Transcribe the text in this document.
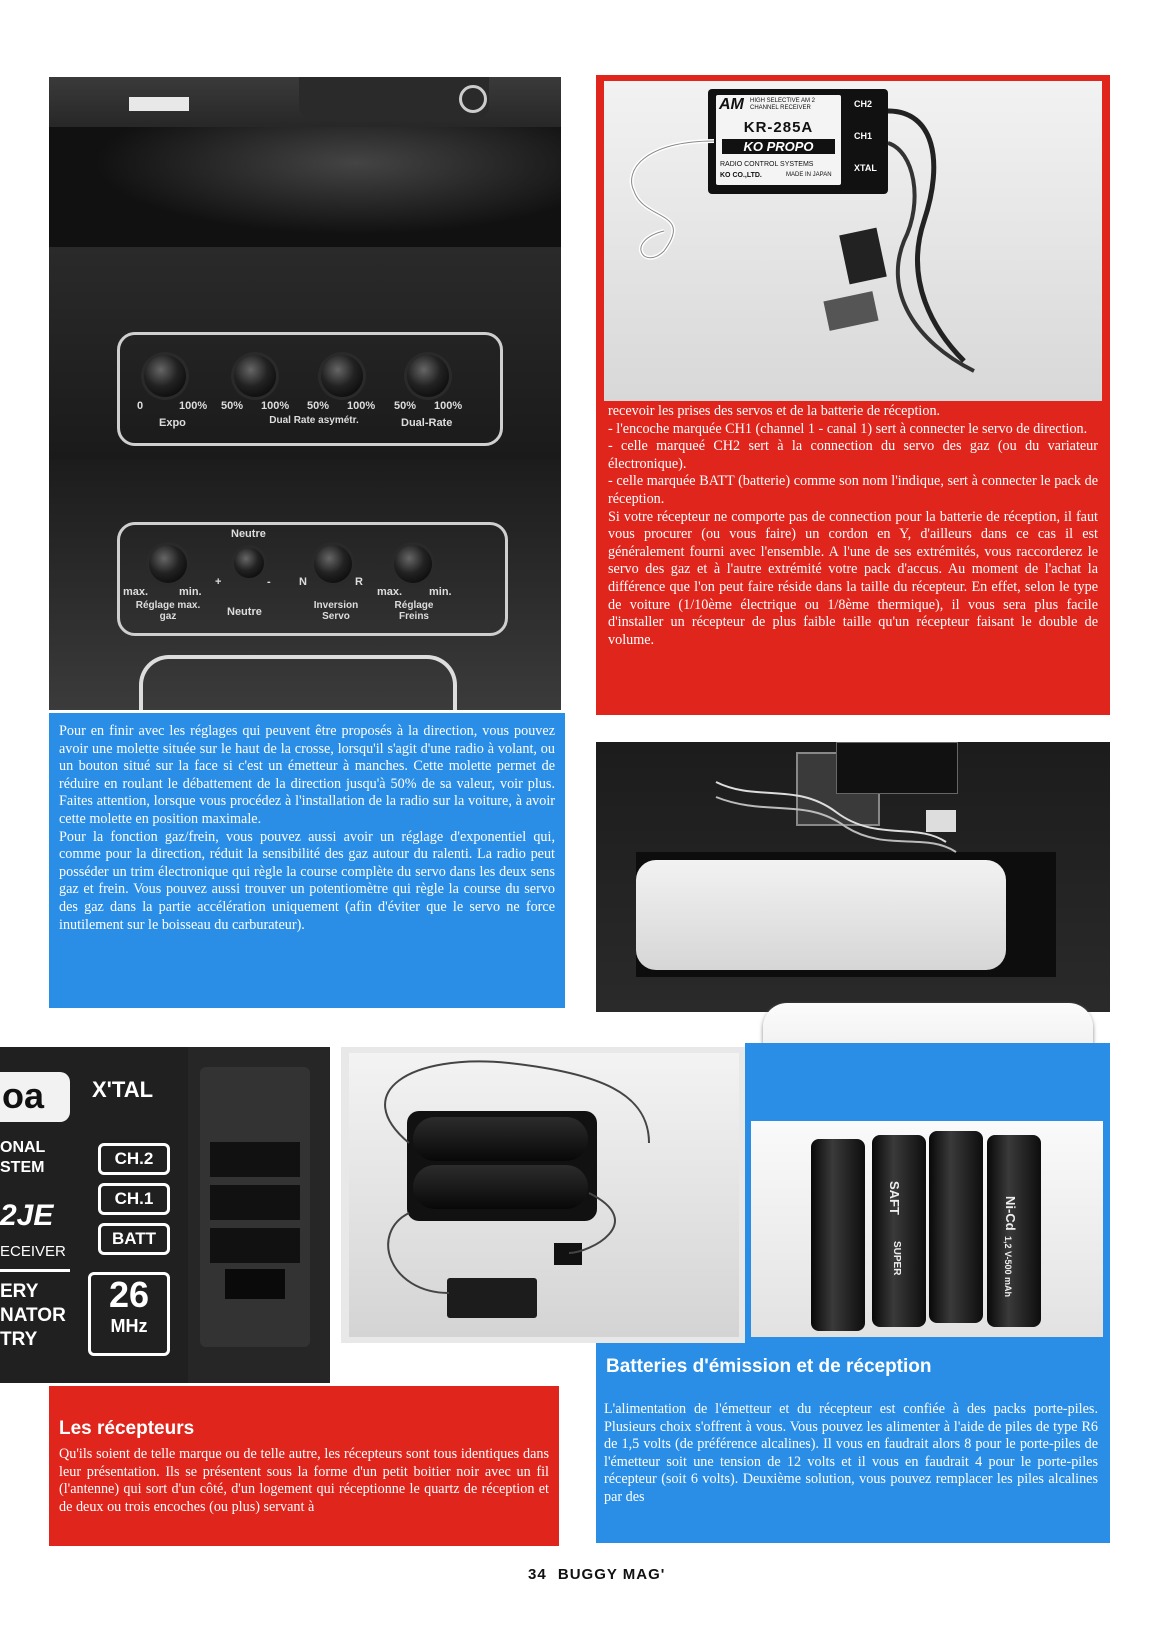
0	100% 50% 100% 50% 100% 50% 100%
Expo	Dual Rate asymétr.	Dual-Rate
Neutre
max.	min.
+	-	N	R
max. min.
Réglage max. gaz	Neutre
Inversion Servo
Réglage Freins
AM HIGH SELECTIVE AM 2 CHANNEL RECEIVER
KR-285A
KO PROPO
RADIO CONTROL SYSTEMS
KO CO.,LTD.	MADE IN JAPAN
CH2
CH1
XTAL

recevoir les prises des servos et de la batterie de réception.

- l'encoche marquée CH1 (channel 1 - canal 1) sert à connecter le servo de direction.

- celle marqueé CH2 sert à la connection du servo des gaz (ou du variateur électronique).

- celle marquée BATT (batterie) comme son nom l'indique, sert à connecter le pack de réception.

Si votre récepteur ne comporte pas de connection pour la batterie de réception, il faut vous procurer (ou vous faire) un cordon en Y, d'ailleurs dans ce cas il est généralement fourni avec l'ensemble. A l'une de ses extrémités, vous raccorderez le servo des gaz et à l'autre extrémité votre pack d'accus. Au moment de l'achat la différence que l'on peut faire réside dans la taille du récepteur. En effet, selon le type de voiture (1/10ème électrique ou 1/8ème thermique), il vous sera plus facile d'installer un récepteur de plus faible taille qu'un récepteur faisant le double de volume.

Pour en finir avec les réglages qui peuvent être proposés à la direction, vous pouvez avoir une molette située sur le haut de la crosse, lorsqu'il s'agit d'une radio à volant, ou un bouton situé sur la face si c'est un émetteur à manches. Cette molette permet de réduire en roulant le débattement de la direction jusqu'à 50% de sa valeur, voir plus. Faites attention, lorsque vous procédez à l'installation de la radio sur la voiture, à avoir cette molette en position maximale.

Pour la fonction gaz/frein, vous pouvez aussi avoir un réglage d'exponentiel qui, comme pour la direction, réduit la sensibilité des gaz autour du ralenti. La radio peut posséder un trim électronique qui règle la course complète du servo dans les deux sens gaz et frein. Vous pouvez aussi trouver un potentiomètre qui règle la course du servo des gaz dans la partie accélération uniquement (afin d'éviter que le servo ne force inutilement sur le boisseau du carburateur).

oa
ONAL
STEM
2JE
ECEIVER
ERY
NATOR
TRY
X'TAL
CH.2
CH.1
BATT
26
MHz
SAFT
SUPER
Ni-Cd
1,2 V-500 mAh
Les récepteurs

Qu'ils soient de telle marque ou de telle autre, les récepteurs sont tous identiques dans leur présentation. Ils se présentent sous la forme d'un petit boitier noir avec un fil (l'antenne) qui sort d'un côté, d'un logement qui réceptionne le quartz de réception et de deux ou trois encoches (ou plus) servant à

Batteries d'émission et de réception

L'alimentation de l'émetteur et du récepteur est confiée à des packs porte-piles. Plusieurs choix s'offrent à vous. Vous pouvez les alimenter à l'aide de piles de type R6 de 1,5 volts (de préférence alcalines). Il vous en faudrait alors 8 pour le porte-piles de l'émetteur soit une tension de 12 volts et il vous en faudrait 4 pour le porte-piles récepteur (soit 6 volts). Deuxième solution, vous pouvez remplacer les piles alcalines par des

34 BUGGY MAG'
